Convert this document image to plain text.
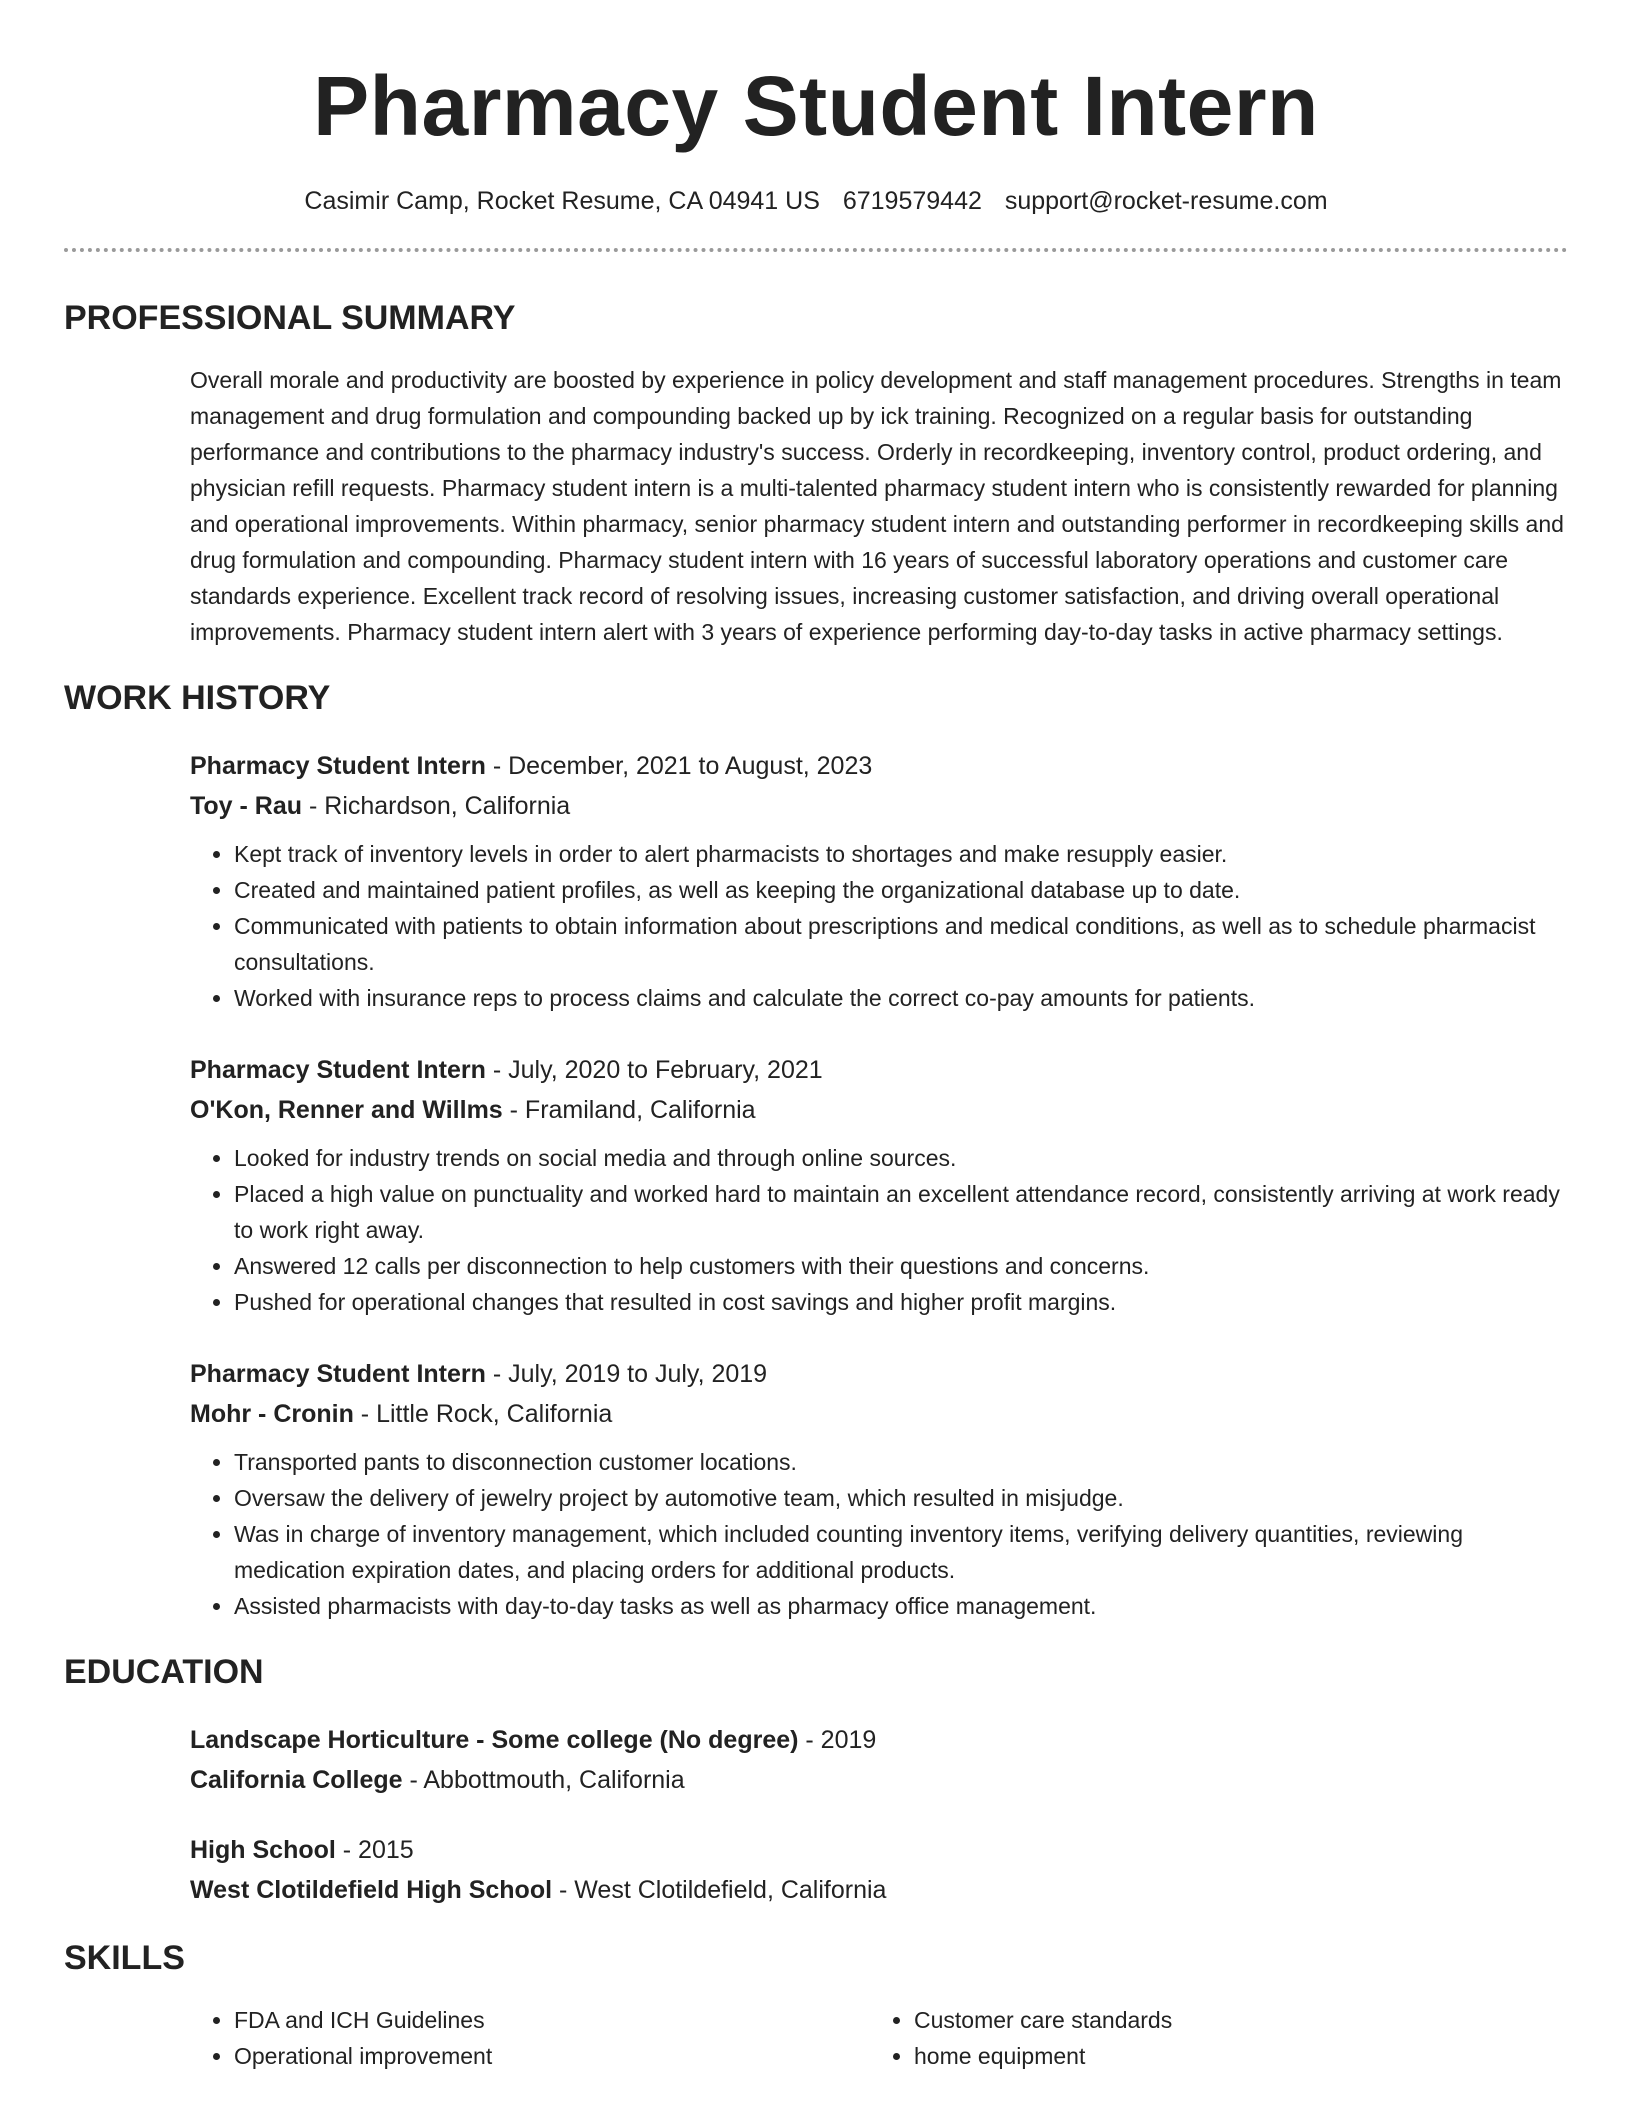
Pharmacy Student Intern
Casimir Camp, Rocket Resume, CA 04941 US 6719579442 support@rocket-resume.com
PROFESSIONAL SUMMARY

Overall morale and productivity are boosted by experience in policy development and staff management procedures. Strengths in team management and drug formulation and compounding backed up by ick training. Recognized on a regular basis for outstanding performance and contributions to the pharmacy industry's success. Orderly in recordkeeping, inventory control, product ordering, and physician refill requests. Pharmacy student intern is a multi-talented pharmacy student intern who is consistently rewarded for planning and operational improvements. Within pharmacy, senior pharmacy student intern and outstanding performer in recordkeeping skills and drug formulation and compounding. Pharmacy student intern with 16 years of successful laboratory operations and customer care standards experience. Excellent track record of resolving issues, increasing customer satisfaction, and driving overall operational improvements. Pharmacy student intern alert with 3 years of experience performing day-to-day tasks in active pharmacy settings.

WORK HISTORY
Pharmacy Student Intern - December, 2021 to August, 2023
Toy - Rau - Richardson, California
• Kept track of inventory levels in order to alert pharmacists to shortages and make resupply easier.
• Created and maintained patient profiles, as well as keeping the organizational database up to date.
• Communicated with patients to obtain information about prescriptions and medical conditions, as well as to schedule pharmacist consultations.
• Worked with insurance reps to process claims and calculate the correct co-pay amounts for patients.
Pharmacy Student Intern - July, 2020 to February, 2021
O'Kon, Renner and Willms - Framiland, California
• Looked for industry trends on social media and through online sources.
• Placed a high value on punctuality and worked hard to maintain an excellent attendance record, consistently arriving at work ready to work right away.
• Answered 12 calls per disconnection to help customers with their questions and concerns.
• Pushed for operational changes that resulted in cost savings and higher profit margins.
Pharmacy Student Intern - July, 2019 to July, 2019
Mohr - Cronin - Little Rock, California
• Transported pants to disconnection customer locations.
• Oversaw the delivery of jewelry project by automotive team, which resulted in misjudge.
• Was in charge of inventory management, which included counting inventory items, verifying delivery quantities, reviewing medication expiration dates, and placing orders for additional products.
• Assisted pharmacists with day-to-day tasks as well as pharmacy office management.
EDUCATION
Landscape Horticulture - Some college (No degree) - 2019
California College - Abbottmouth, California
High School - 2015
West Clotildefield High School - West Clotildefield, California
SKILLS
• FDA and ICH Guidelines
• Operational improvement
• Customer care standards
• home equipment
